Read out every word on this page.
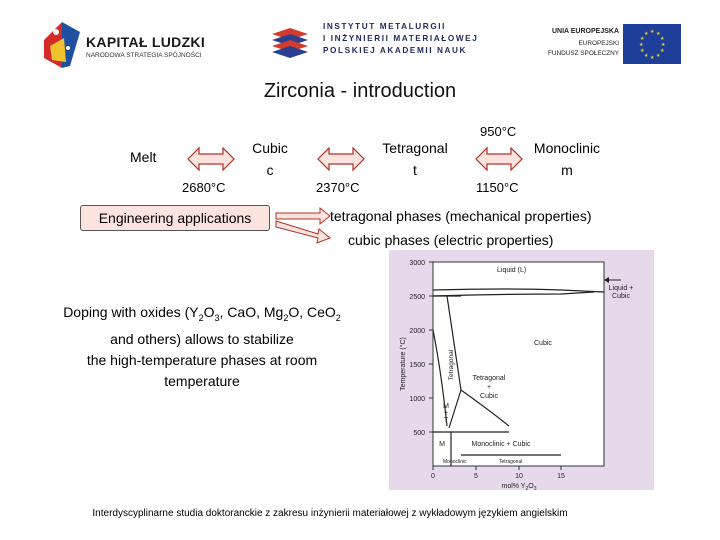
KAPITAŁ LUDZKI
NARODOWA STRATEGIA SPÓJNOŚCI
INSTYTUT METALURGII
I INŻYNIERII MATERIAŁOWEJ
POLSKIEJ AKADEMII NAUK
UNIA EUROPEJSKA
EUROPEJSKI
FUNDUSZ SPOŁECZNY
★ ★
★
★
★
★
★
★
★
★
★
★
Zirconia - introduction
Melt
2680°C
Cubic
c
2370°C
Tetragonal
t
950°C
1150°C
Monoclinic
m
Engineering applications	tetragonal phases (mechanical properties)
cubic phases (electric properties)
Doping with oxides ($Y_2O_3$, CaO, $Mg_2O$, CeO$_2$
and others) allows to stabilize
the high-temperature phases at room
temperature
3000
2500
2000
1500
1000
500
0	5	10	15
mol% $Y_2O_3$
Temperature (°C)
Liquid (L)
Liquid +
Cubic
Cubic
Tetragonal	Tetragonal
+
Cubic
M
+
T
Monoclinic + Cubic
M
Monoclinic	Tetragonal
Interdyscyplinarne studia doktoranckie z zakresu inżynierii materiałowej z wykładowym językiem angielskim
